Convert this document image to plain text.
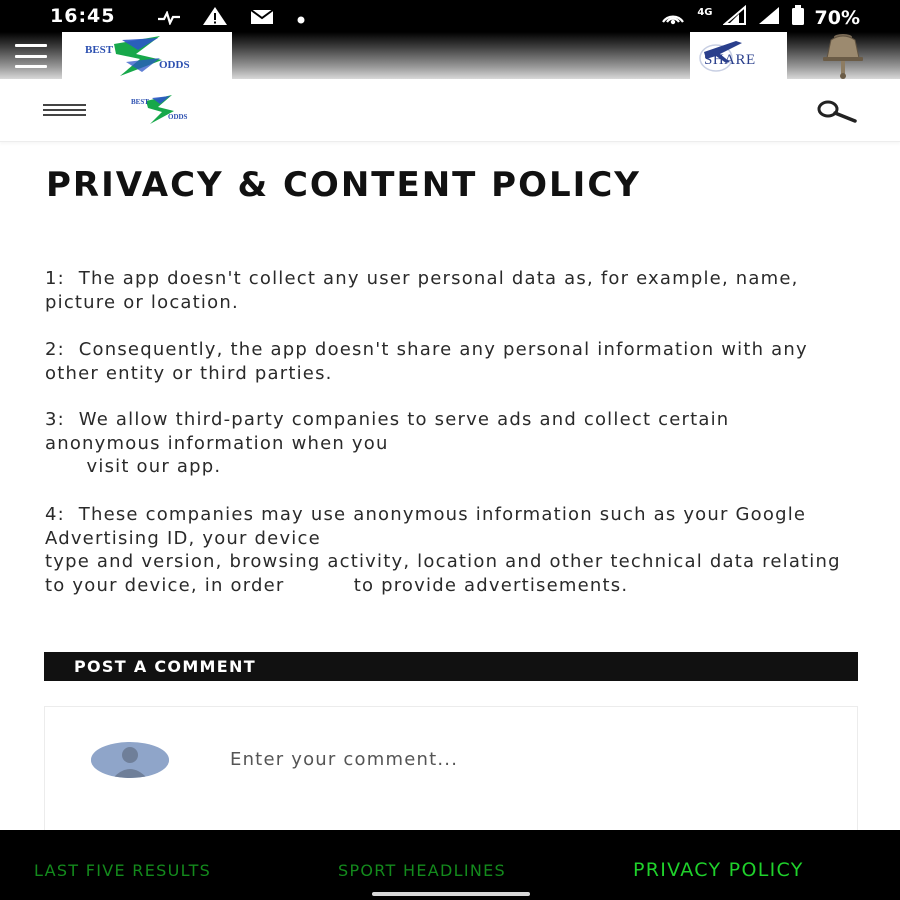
16:45	4G	70%
BEST
ODDS	SHARE
BEST
ODDS
PRIVACY & CONTENT POLICY

1:  The app doesn't collect any user personal data as, for example, name, picture or location.

2:  Consequently, the app doesn't share any personal information with any other entity or third parties.

3:  We allow third-party companies to serve ads and collect certain anonymous information when you
visit our app.

4:  These companies may use anonymous information such as your Google Advertising ID, your device
type and version, browsing activity, location and other technical data relating to your device, in order          to provide advertisements.

POST A COMMENT
Enter your comment...
LAST FIVE RESULTS	SPORT HEADLINES	PRIVACY POLICY
